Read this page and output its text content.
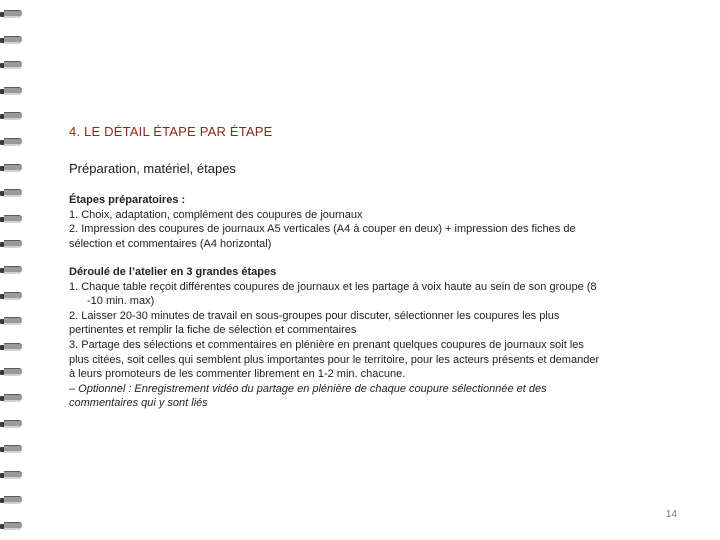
4. LE DÉTAIL ÉTAPE PAR ÉTAPE
Préparation, matériel, étapes
Étapes préparatoires :
1. Choix, adaptation, complément des coupures de journaux
2. Impression des coupures de journaux A5 verticales (A4 à couper en deux) + impression des fiches de
sélection et commentaires (A4 horizontal)
Déroulé de l’atelier en 3 grandes étapes
1. Chaque table reçoit différentes coupures de journaux et les partage à voix haute au sein de son groupe (8
-10 min. max)
2. Laisser 20-30 minutes de travail en sous-groupes pour discuter, sélectionner les coupures les plus
pertinentes et remplir la fiche de sélection et commentaires
3. Partage des sélections et commentaires en plénière en prenant quelques coupures de journaux soit les
plus citées, soit celles qui semblent plus importantes pour le territoire, pour les acteurs présents et demander
à leurs promoteurs de les commenter librement en 1-2 min. chacune.
– Optionnel : Enregistrement vidéo du partage en plénière de chaque coupure sélectionnée et des
commentaires qui y sont liés
14
